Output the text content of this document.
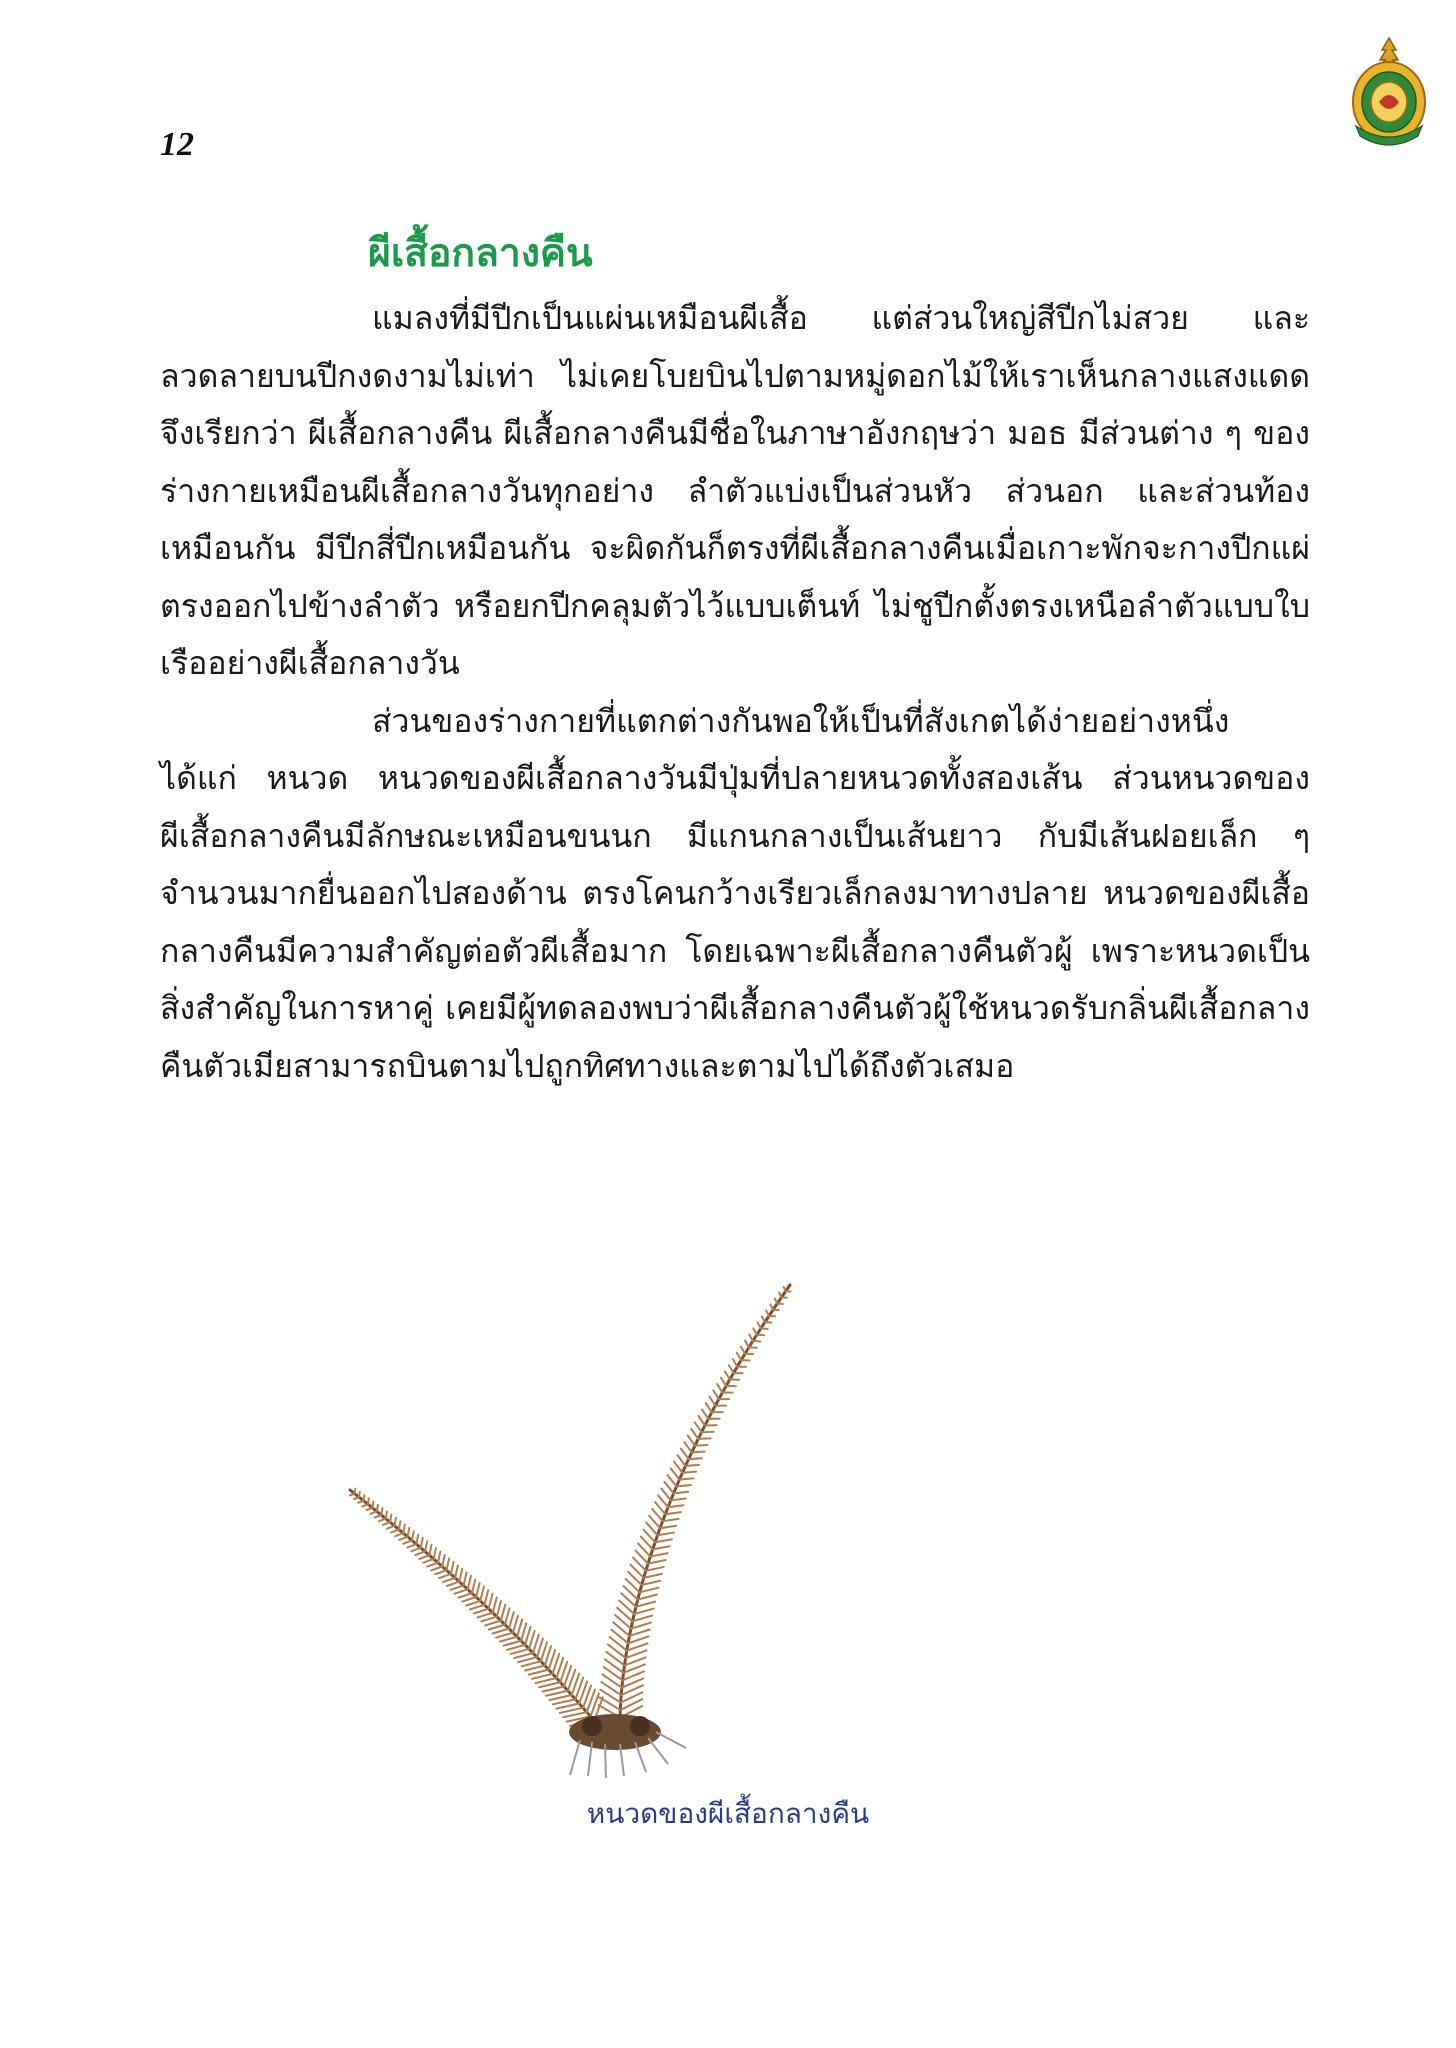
12
ผีเสื้อกลางคืน

แมลงที่มีปีกเป็นแผ่นเหมือนผีเสื้อ แต่ส่วนใหญ่สีปีกไม่สวย และลวดลายบนปีกงดงามไม่เท่า ไม่เคยโบยบินไปตามหมู่ดอกไม้ให้เราเห็นกลางแสงแดด จึงเรียกว่า ผีเสื้อกลางคืน ผีเสื้อกลางคืนมีชื่อในภาษาอังกฤษว่า มอธ มีส่วนต่าง ๆ ของร่างกายเหมือนผีเสื้อกลางวันทุกอย่าง ลำตัวแบ่งเป็นส่วนหัว ส่วนอก และส่วนท้องเหมือนกัน มีปีกสี่ปีกเหมือนกัน จะผิดกันก็ตรงที่ผีเสื้อกลางคืนเมื่อเกาะพักจะกางปีกแผ่ตรงออกไปข้างลำตัว หรือยกปีกคลุมตัวไว้แบบเต็นท์ ไม่ชูปีกตั้งตรงเหนือลำตัวแบบใบเรืออย่างผีเสื้อกลางวัน

ส่วนของร่างกายที่แตกต่างกันพอให้เป็นที่สังเกตได้ง่ายอย่างหนึ่ง ได้แก่ หนวด หนวดของผีเสื้อกลางวันมีปุ่มที่ปลายหนวดทั้งสองเส้น ส่วนหนวดของผีเสื้อกลางคืนมีลักษณะเหมือนขนนก มีแกนกลางเป็นเส้นยาว กับมีเส้นฝอยเล็ก ๆ จำนวนมากยื่นออกไปสองด้าน ตรงโคนกว้างเรียวเล็กลงมาทางปลาย หนวดของผีเสื้อกลางคืนมีความสำคัญต่อตัวผีเสื้อมาก โดยเฉพาะผีเสื้อกลางคืนตัวผู้ เพราะหนวดเป็นสิ่งสำคัญในการหาคู่ เคยมีผู้ทดลองพบว่าผีเสื้อกลางคืนตัวผู้ใช้หนวดรับกลิ่นผีเสื้อกลางคืนตัวเมียสามารถบินตามไปถูกทิศทางและตามไปได้ถึงตัวเสมอ

หนวดของผีเสื้อกลางคืน
